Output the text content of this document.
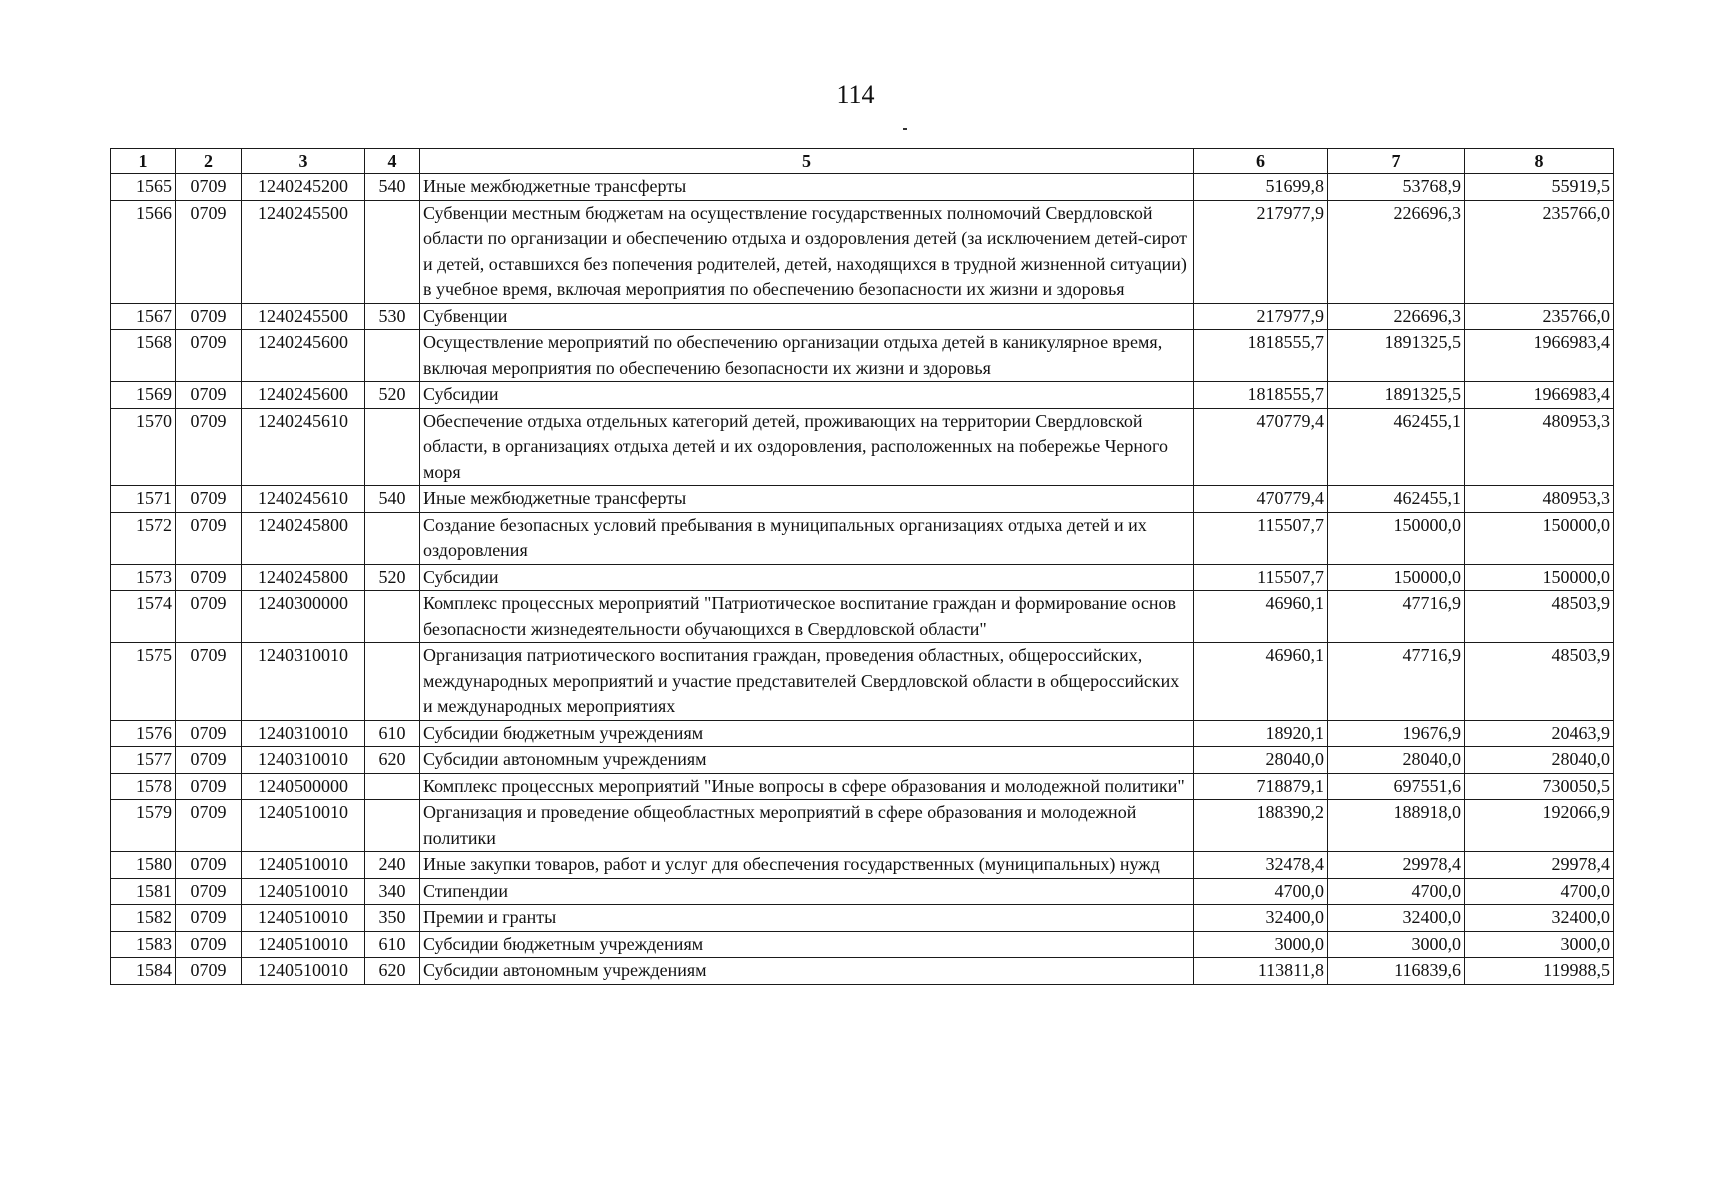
114
1	2	3	4	5	6	7	8
1565	0709	1240245200	540	Иные межбюджетные трансферты	51699,8	53768,9	55919,5
1566	0709	1240245500		Субвенции местным бюджетам на осуществление государственных полномочий Свердловской области по организации и обеспечению отдыха и оздоровления детей (за исключением детей-сирот и детей, оставшихся без попечения родителей, детей, находящихся в трудной жизненной ситуации) в учебное время, включая мероприятия по обеспечению безопасности их жизни и здоровья	217977,9	226696,3	235766,0
1567	0709	1240245500	530	Субвенции	217977,9	226696,3	235766,0
1568	0709	1240245600		Осуществление мероприятий по обеспечению организации отдыха детей в каникулярное время, включая мероприятия по обеспечению безопасности их жизни и здоровья	1818555,7	1891325,5	1966983,4
1569	0709	1240245600	520	Субсидии	1818555,7	1891325,5	1966983,4
1570	0709	1240245610		Обеспечение отдыха отдельных категорий детей, проживающих на территории Свердловской области, в организациях отдыха детей и их оздоровления, расположенных на побережье Черного моря	470779,4	462455,1	480953,3
1571	0709	1240245610	540	Иные межбюджетные трансферты	470779,4	462455,1	480953,3
1572	0709	1240245800		Создание безопасных условий пребывания в муниципальных организациях отдыха детей и их оздоровления	115507,7	150000,0	150000,0
1573	0709	1240245800	520	Субсидии	115507,7	150000,0	150000,0
1574	0709	1240300000		Комплекс процессных мероприятий "Патриотическое воспитание граждан и формирование основ безопасности жизнедеятельности обучающихся в Свердловской области"	46960,1	47716,9	48503,9
1575	0709	1240310010		Организация патриотического воспитания граждан, проведения областных, общероссийских, международных мероприятий и участие представителей Свердловской области в общероссийских и международных мероприятиях	46960,1	47716,9	48503,9
1576	0709	1240310010	610	Субсидии бюджетным учреждениям	18920,1	19676,9	20463,9
1577	0709	1240310010	620	Субсидии автономным учреждениям	28040,0	28040,0	28040,0
1578	0709	1240500000		Комплекс процессных мероприятий "Иные вопросы в сфере образования и молодежной политики"	718879,1	697551,6	730050,5
1579	0709	1240510010		Организация и проведение общеобластных мероприятий в сфере образования и молодежной политики	188390,2	188918,0	192066,9
1580	0709	1240510010	240	Иные закупки товаров, работ и услуг для обеспечения государственных (муниципальных) нужд	32478,4	29978,4	29978,4
1581	0709	1240510010	340	Стипендии	4700,0	4700,0	4700,0
1582	0709	1240510010	350	Премии и гранты	32400,0	32400,0	32400,0
1583	0709	1240510010	610	Субсидии бюджетным учреждениям	3000,0	3000,0	3000,0
1584	0709	1240510010	620	Субсидии автономным учреждениям	113811,8	116839,6	119988,5
